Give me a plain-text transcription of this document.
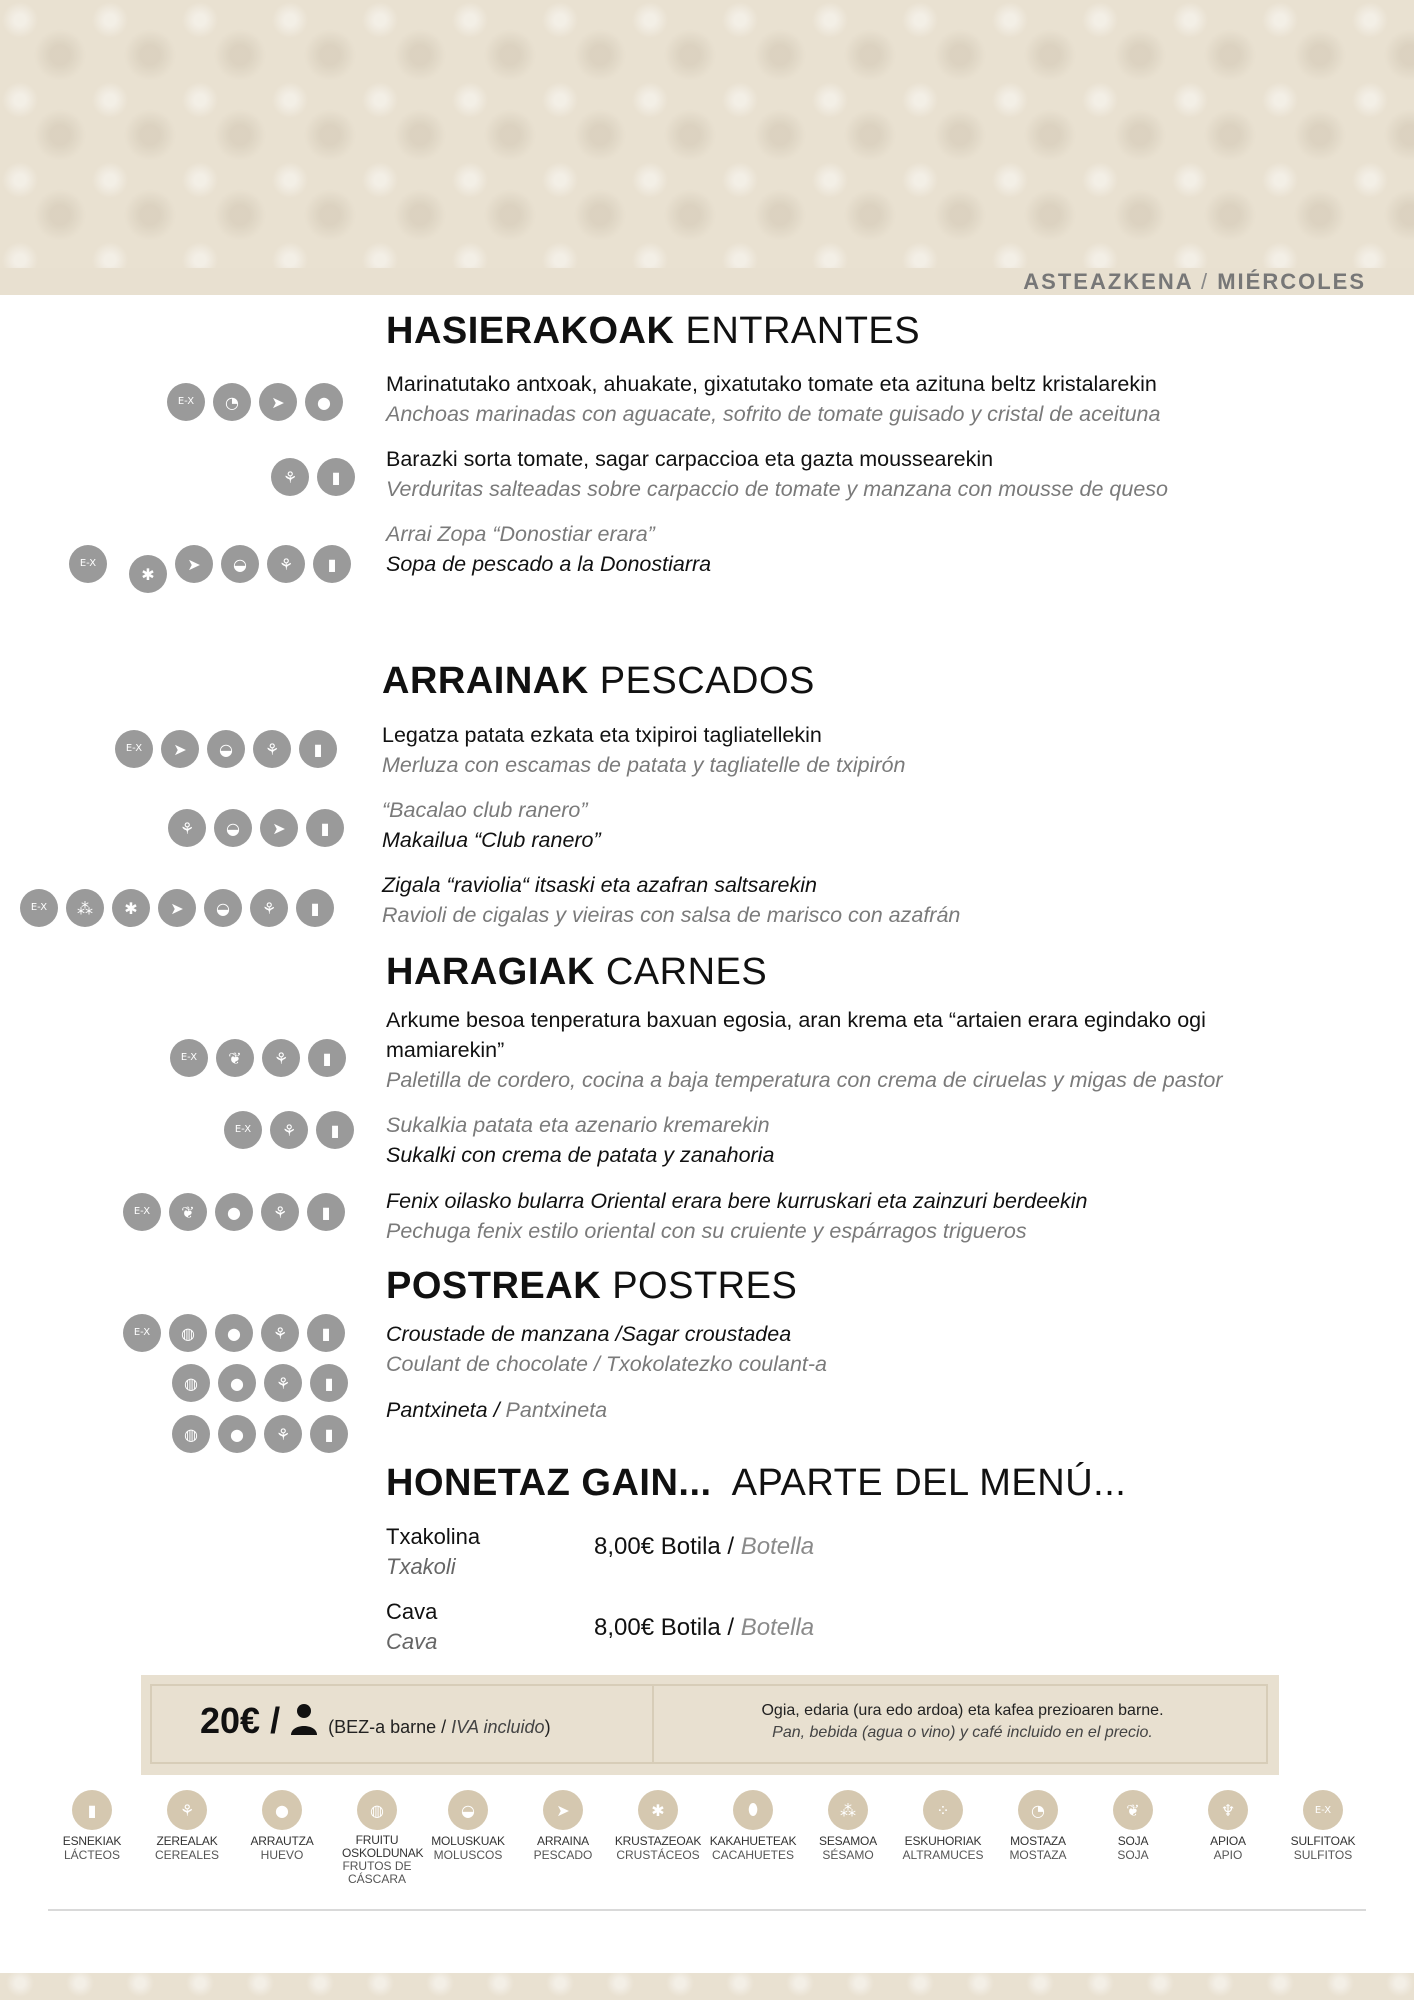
ASTEAZKENA / MIÉRCOLES
HASIERAKOAK ENTRANTES
E-X	◔	➤	●
Marinatutako antxoak, ahuakate, gixatutako tomate eta azituna beltz kristalarekin
Anchoas marinadas con aguacate, sofrito de tomate guisado y cristal de aceituna
⚘	▮
Barazki sorta tomate, sagar carpaccioa eta gazta moussearekin
Verduritas salteadas sobre carpaccio de tomate y manzana con mousse de queso
E-X
✱
➤	◒	⚘	▮
Arrai Zopa “Donostiar erara”
Sopa de pescado a la Donostiarra
ARRAINAK PESCADOS
E-X	➤	◒	⚘	▮
Legatza patata ezkata eta txipiroi tagliatellekin
Merluza con escamas de patata y tagliatelle de txipirón
⚘	◒	➤	▮
“Bacalao club ranero”
Makailua “Club ranero”
E-X	⁂	✱	➤	◒	⚘	▮
Zigala “raviolia“ itsaski eta azafran saltsarekin
Ravioli de cigalas y vieiras con salsa de marisco con azafrán
HARAGIAK CARNES
E-X	❦	⚘	▮
Arkume besoa tenperatura baxuan egosia, aran krema eta “artaien erara egindako ogi
mamiarekin”
Paletilla de cordero, cocina a baja temperatura con crema de ciruelas y migas de pastor
E-X	⚘	▮	Sukalkia patata eta azenario kremarekin
Sukalki con crema de patata y zanahoria
E-X	❦	●	⚘	▮	Fenix oilasko bularra Oriental erara bere kurruskari eta zainzuri berdeekin
Pechuga fenix estilo oriental con su cruiente y espárragos trigueros
POSTREAK POSTRES
E-X	◍	●	⚘	▮
◍	●	⚘	▮
◍	●	⚘	▮
Croustade de manzana /Sagar croustadea
Coulant de chocolate / Txokolatezko coulant-a
Pantxineta / Pantxineta
HONETAZ GAIN... APARTE DEL MENÚ...
Txakolina
Txakoli
8,00€ Botila / Botella
Cava
Cava
8,00€ Botila / Botella
20€ /	(BEZ-a barne / IVA incluido)
Ogia, edaria (ura edo ardoa) eta kafea prezioaren barne.
Pan, bebida (agua o vino) y café incluido en el precio.
▮
ESNEKIAK
LÁCTEOS
⚘
ZEREALAK
CEREALES
●
ARRAUTZA
HUEVO
◍
FRUITU OSKOLDUNAK
FRUTOS DE CÁSCARA
◒
MOLUSKUAK
MOLUSCOS
➤
ARRAINA
PESCADO
✱
KRUSTAZEOAK
CRUSTÁCEOS
⬮
KAKAHUETEAK
CACAHUETES
⁂
SESAMOA
SÉSAMO
⁘
ESKUHORIAK
ALTRAMUCES
◔
MOSTAZA
MOSTAZA
❦
SOJA
SOJA
♆
APIOA
APIO
E-X
SULFITOAK
SULFITOS
